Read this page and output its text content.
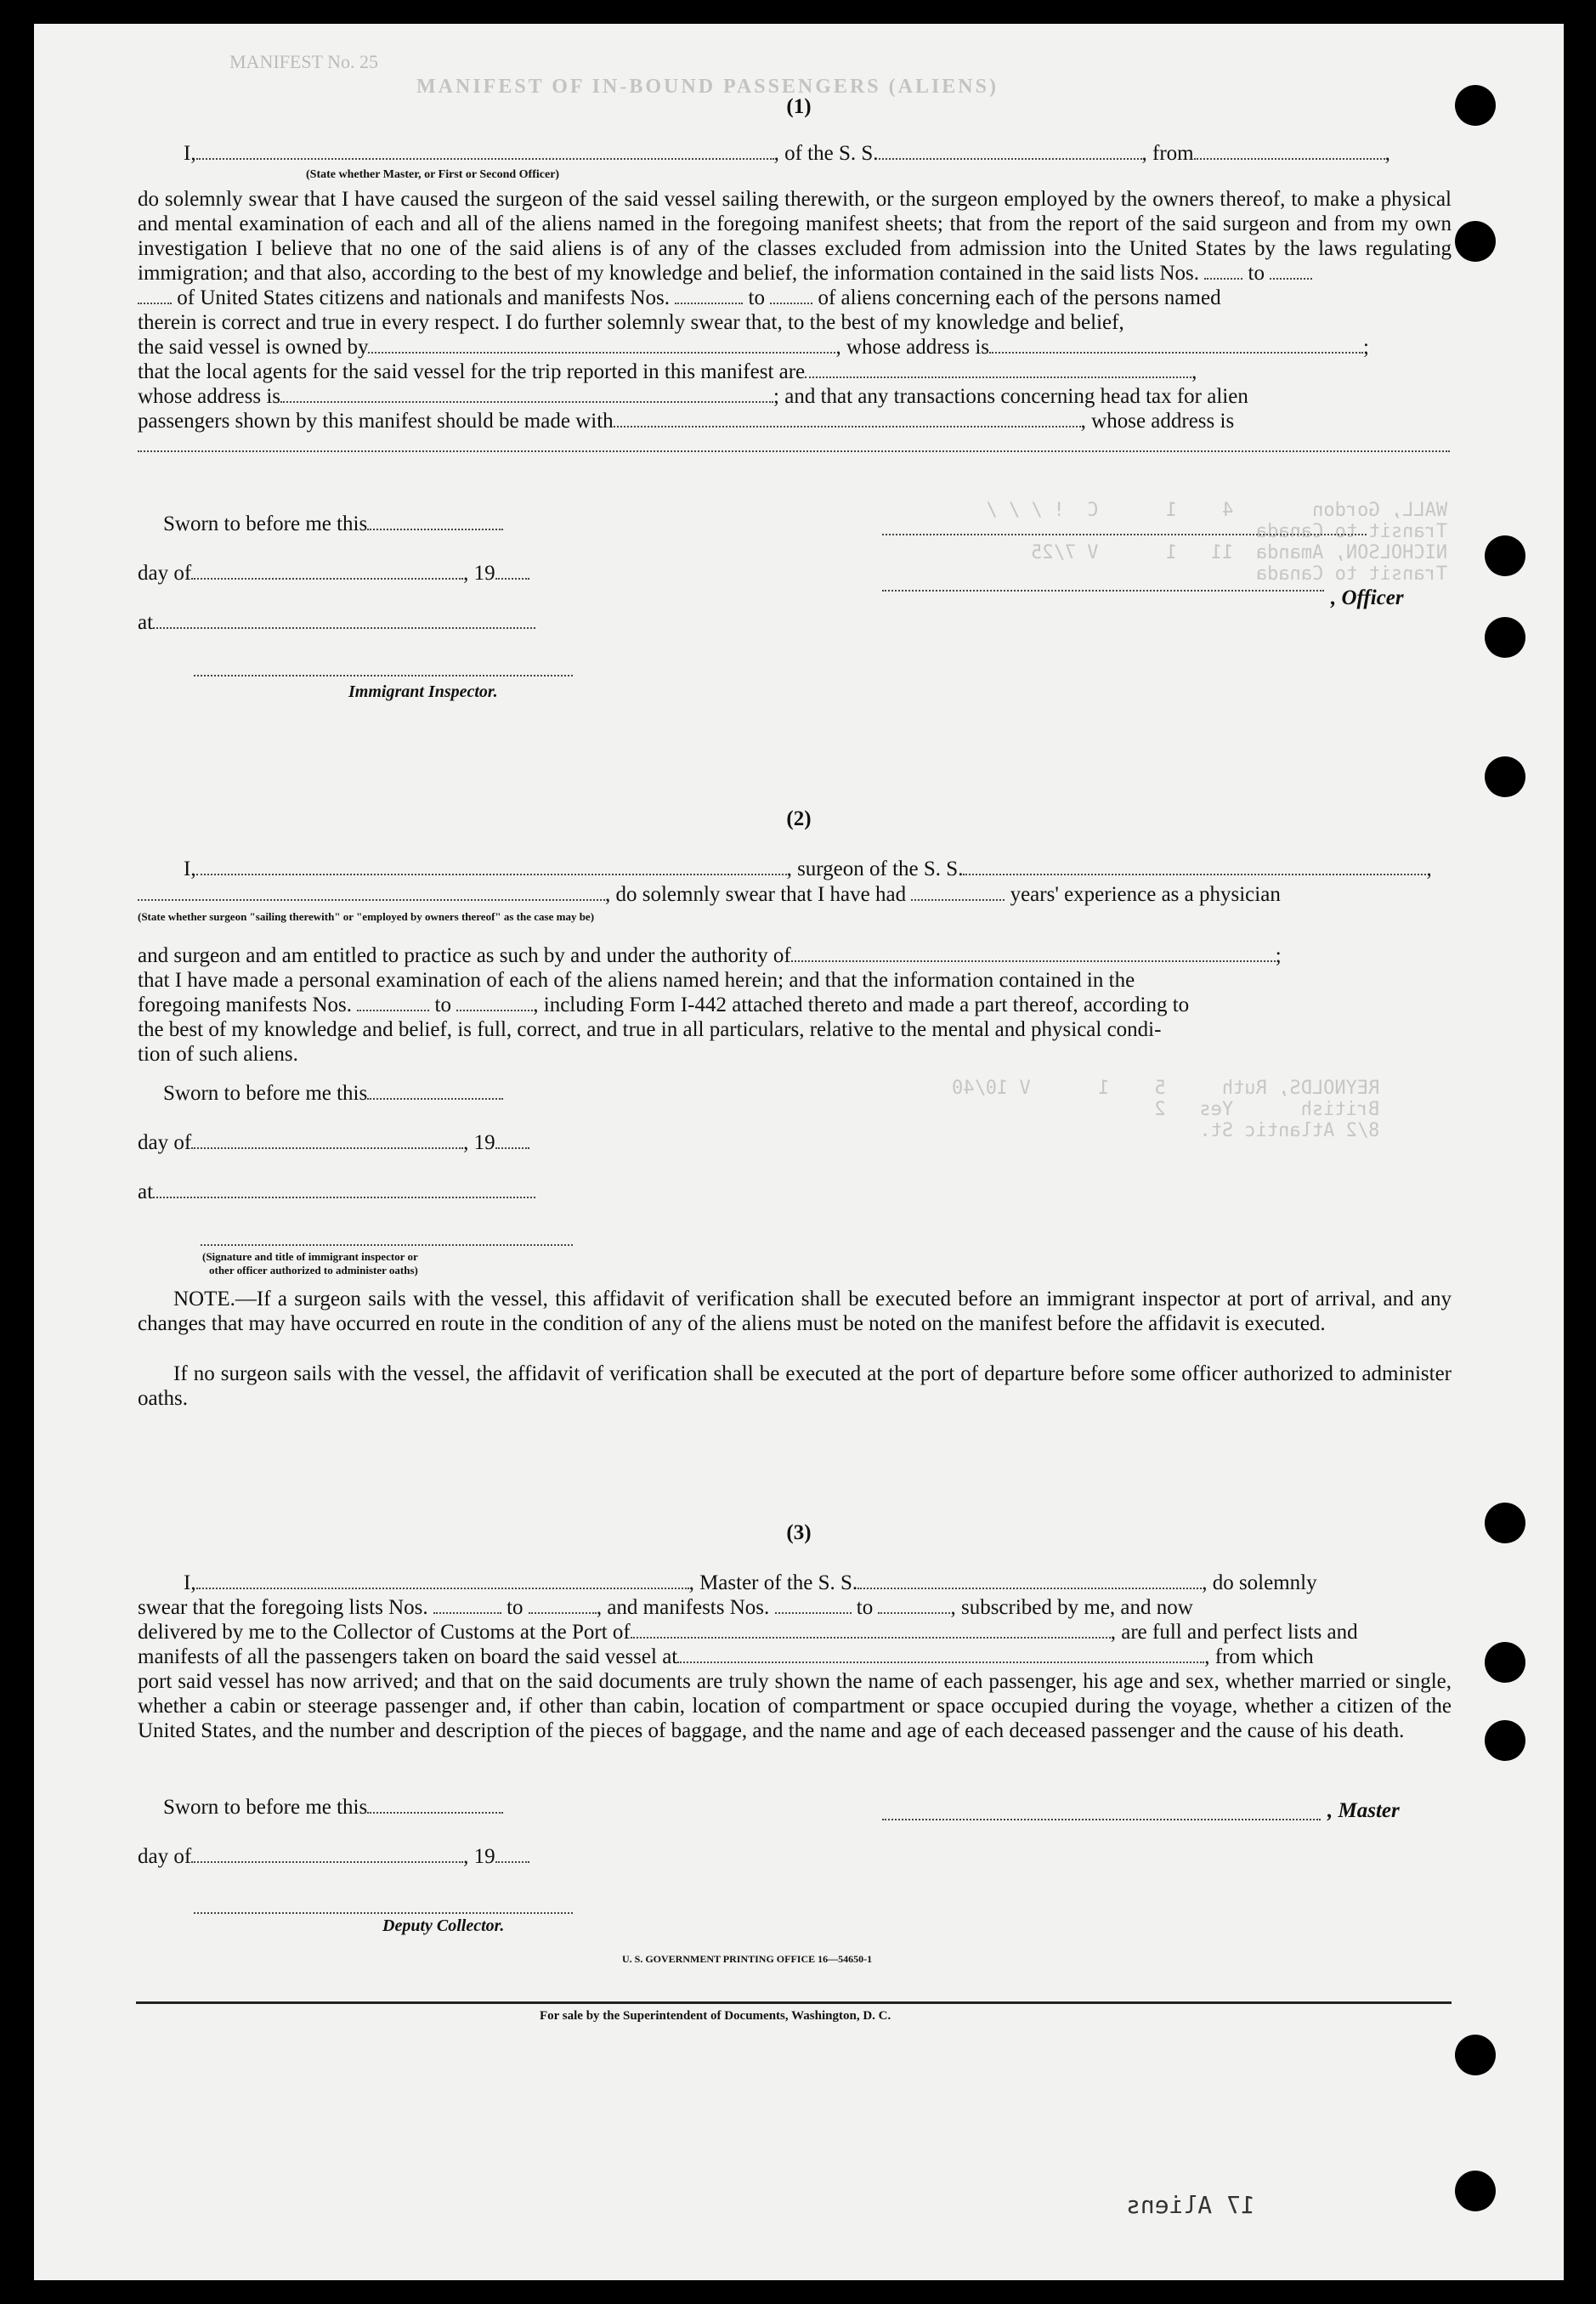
WALL, Gordon       4    1      C  ! / / /
Transit to Canada
NICHOLSON, Amanda  11   1      V 7/25
Transit to Canada
REYNOLDS, Ruth     5    1      V 10/40
British      Yes   2
8/2 Atlantic St.
MANIFEST No. 25
MANIFEST OF IN-BOUND PASSENGERS (ALIENS)
(1)
I,	, of the S. S.	, from	,
(State whether Master, or First or Second Officer)
do solemnly swear that I have caused the surgeon of the said vessel sailing therewith, or the surgeon employed by the owners thereof, to make a physical and mental examination of each and all of the aliens named in the foregoing manifest sheets; that from the report of the said surgeon and from my own investigation I believe that no one of the said aliens is of any of the classes excluded from admission into the United States by the laws regulating immigration; and that also, according to the best of my knowledge and belief, the information contained in the said lists Nos. to
of United States citizens and nationals and manifests Nos.	to	of aliens concerning each of the persons named
therein is correct and true in every respect. I do further solemnly swear that, to the best of my knowledge and belief,
the said vessel is owned by	, whose address is	;
that the local agents for the said vessel for the trip reported in this manifest are	,
whose address is	; and that any transactions concerning head tax for alien
passengers shown by this manifest should be made with	, whose address is

Sworn to before me this
day of	, 19
, Officer
at
Immigrant Inspector.
(2)
I,	, surgeon of the S. S.	,
, do solemnly swear that I have had	years' experience as a physician
(State whether surgeon "sailing therewith" or "employed by owners thereof" as the case may be)
and surgeon and am entitled to practice as such by and under the authority of	;
that I have made a personal examination of each of the aliens named herein; and that the information contained in the
foregoing manifests Nos.	to	, including Form I-442 attached thereto and made a part thereof, according to
the best of my knowledge and belief, is full, correct, and true in all particulars, relative to the mental and physical condi-
tion of such aliens.
Sworn to before me this
day of	, 19
at
(Signature and title of immigrant inspector or
other officer authorized to administer oaths)
NOTE.—If a surgeon sails with the vessel, this affidavit of verification shall be executed before an immigrant inspector at port of arrival, and any changes that may have occurred en route in the condition of any of the aliens must be noted on the manifest before the affidavit is executed.
If no surgeon sails with the vessel, the affidavit of verification shall be executed at the port of departure before some officer authorized to administer oaths.
(3)
I,	, Master of the S. S.	, do solemnly
swear that the foregoing lists Nos.	to	, and manifests Nos.	to	, subscribed by me, and now
delivered by me to the Collector of Customs at the Port of	, are full and perfect lists and
manifests of all the passengers taken on board the said vessel at	, from which
port said vessel has now arrived; and that on the said documents are truly shown the name of each passenger, his age and sex, whether married or single, whether a cabin or steerage passenger and, if other than cabin, location of compartment or space occupied during the voyage, whether a citizen of the United States, and the number and description of the pieces of baggage, and the name and age of each deceased passenger and the cause of his death.
Sworn to before me this	, Master
day of	, 19
Deputy Collector.
U. S. GOVERNMENT PRINTING OFFICE 16—54650-1
For sale by the Superintendent of Documents, Washington, D. C.
17 Aliens
